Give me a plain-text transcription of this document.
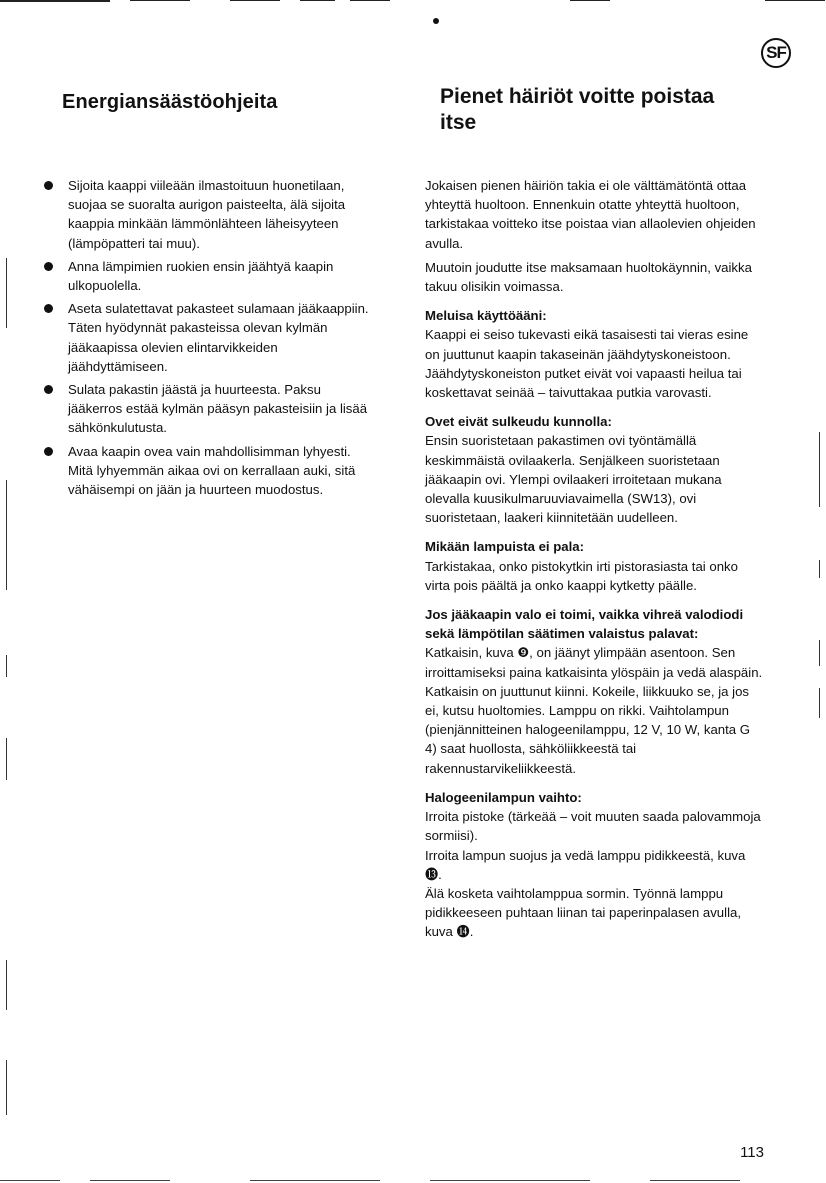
SF
Energiansäästöohjeita	Pienet häiriöt voitte poistaa itse
Sijoita kaappi viileään ilmastoituun huonetilaan, suojaa se suoralta aurigon paisteelta, älä sijoita kaappia minkään lämmönlähteen läheisyyteen (lämpöpatteri tai muu).
Anna lämpimien ruokien ensin jäähtyä kaapin ulkopuolella.
Aseta sulatettavat pakasteet sulamaan jääkaappiin. Täten hyödynnät pakasteissa olevan kylmän jääkaapissa olevien elintarvikkeiden jäähdyttämiseen.
Sulata pakastin jäästä ja huurteesta. Paksu jääkerros estää kylmän pääsyn pakasteisiin ja lisää sähkönkulutusta.
Avaa kaapin ovea vain mahdollisimman lyhyesti. Mitä lyhyemmän aikaa ovi on kerrallaan auki, sitä vähäisempi on jään ja huurteen muodostus.

Jokaisen pienen häiriön takia ei ole välttämätöntä ottaa yhteyttä huoltoon. Ennenkuin otatte yhteyttä huoltoon, tarkistakaa voitteko itse poistaa vian allaolevien ohjeiden avulla.

Muutoin joudutte itse maksamaan huoltokäynnin, vaikka takuu olisikin voimassa.

Meluisa käyttöääni:

Kaappi ei seiso tukevasti eikä tasaisesti tai vieras esine on juuttunut kaapin takaseinän jäähdytyskoneistoon. Jäähdytyskoneiston putket eivät voi vapaasti heilua tai koskettavat seinää – taivuttakaa putkia varovasti.

Ovet eivät sulkeudu kunnolla:

Ensin suoristetaan pakastimen ovi työntämällä keskimmäistä ovilaakerla. Senjälkeen suoristetaan jääkaapin ovi. Ylempi ovilaakeri irroitetaan mukana olevalla kuusikulmaruuviavaimella (SW13), ovi suoristetaan, laakeri kiinnitetään uudelleen.

Mikään lampuista ei pala:

Tarkistakaa, onko pistokytkin irti pistorasiasta tai onko virta pois päältä ja onko kaappi kytketty päälle.

Jos jääkaapin valo ei toimi, vaikka vihreä valodiodi sekä lämpötilan säätimen valaistus palavat:

Katkaisin, kuva ❾, on jäänyt ylimpään asentoon. Sen irroittamiseksi paina katkaisinta ylöspäin ja vedä alaspäin. Katkaisin on juuttunut kiinni. Kokeile, liikkuuko se, ja jos ei, kutsu huoltomies. Lamppu on rikki. Vaihtolampun (pienjännitteinen halogeenilamppu, 12 V, 10 W, kanta G 4) saat huollosta, sähköliikkeestä tai rakennustarvikeliikkeestä.

Halogeenilampun vaihto:

Irroita pistoke (tärkeää – voit muuten saada palovammoja sormiisi).

Irroita lampun suojus ja vedä lamppu pidikkeestä, kuva ⓭.

Älä kosketa vaihtolamppua sormin. Työnnä lamppu pidikkeeseen puhtaan liinan tai paperinpalasen avulla, kuva ⓮.

113
